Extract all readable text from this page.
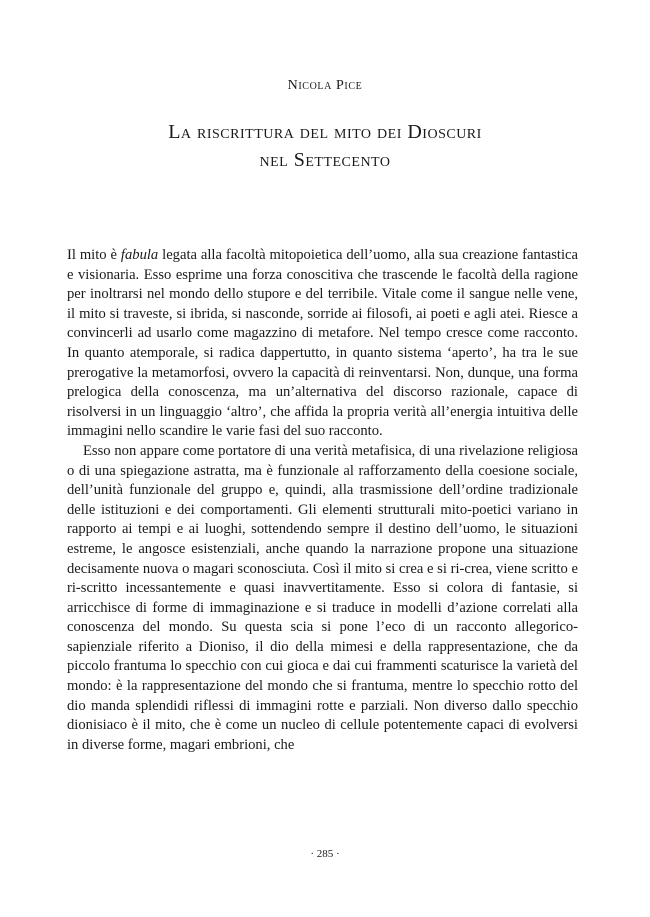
Nicola Pice
La riscrittura del mito dei Dioscuri
nel Settecento

Il mito è fabula legata alla facoltà mitopoietica dell’uomo, alla sua creazione fantastica e visionaria. Esso esprime una forza conoscitiva che trascende le facoltà della ragione per inoltrarsi nel mondo dello stupore e del terribile. Vitale come il sangue nelle vene, il mito si traveste, si ibrida, si nasconde, sorride ai filosofi, ai poeti e agli atei. Riesce a convincerli ad usarlo come magazzino di metafore. Nel tempo cresce come racconto. In quanto atemporale, si radica dappertutto, in quanto sistema ‘aperto’, ha tra le sue prerogative la metamorfosi, ovvero la capacità di reinventarsi. Non, dunque, una forma prelogica della conoscenza, ma un’alternativa del discorso razionale, capace di risolversi in un linguaggio ‘altro’, che affida la propria verità all’energia intuitiva delle immagini nello scandire le varie fasi del suo racconto.

Esso non appare come portatore di una verità metafisica, di una rivelazione religiosa o di una spiegazione astratta, ma è funzionale al rafforzamento della coesione sociale, dell’unità funzionale del gruppo e, quindi, alla trasmissione dell’ordine tradizionale delle istituzioni e dei comportamenti. Gli elementi strutturali mito-poetici variano in rapporto ai tempi e ai luoghi, sottendendo sempre il destino dell’uomo, le situazioni estreme, le angosce esistenziali, anche quando la narrazione propone una situazione decisamente nuova o magari sconosciuta. Così il mito si crea e si ri-crea, viene scritto e ri-scritto incessantemente e quasi inavvertitamente. Esso si colora di fantasie, si arricchisce di forme di immaginazione e si traduce in modelli d’azione correlati alla conoscenza del mondo. Su questa scia si pone l’eco di un racconto allegorico-sapienziale riferito a Dioniso, il dio della mimesi e della rappresentazione, che da piccolo frantuma lo specchio con cui gioca e dai cui frammenti scaturisce la varietà del mondo: è la rappresentazione del mondo che si frantuma, mentre lo specchio rotto del dio manda splendidi riflessi di immagini rotte e parziali. Non diverso dallo specchio dionisiaco è il mito, che è come un nucleo di cellule potentemente capaci di evolversi in diverse forme, magari embrioni, che

· 285 ·
